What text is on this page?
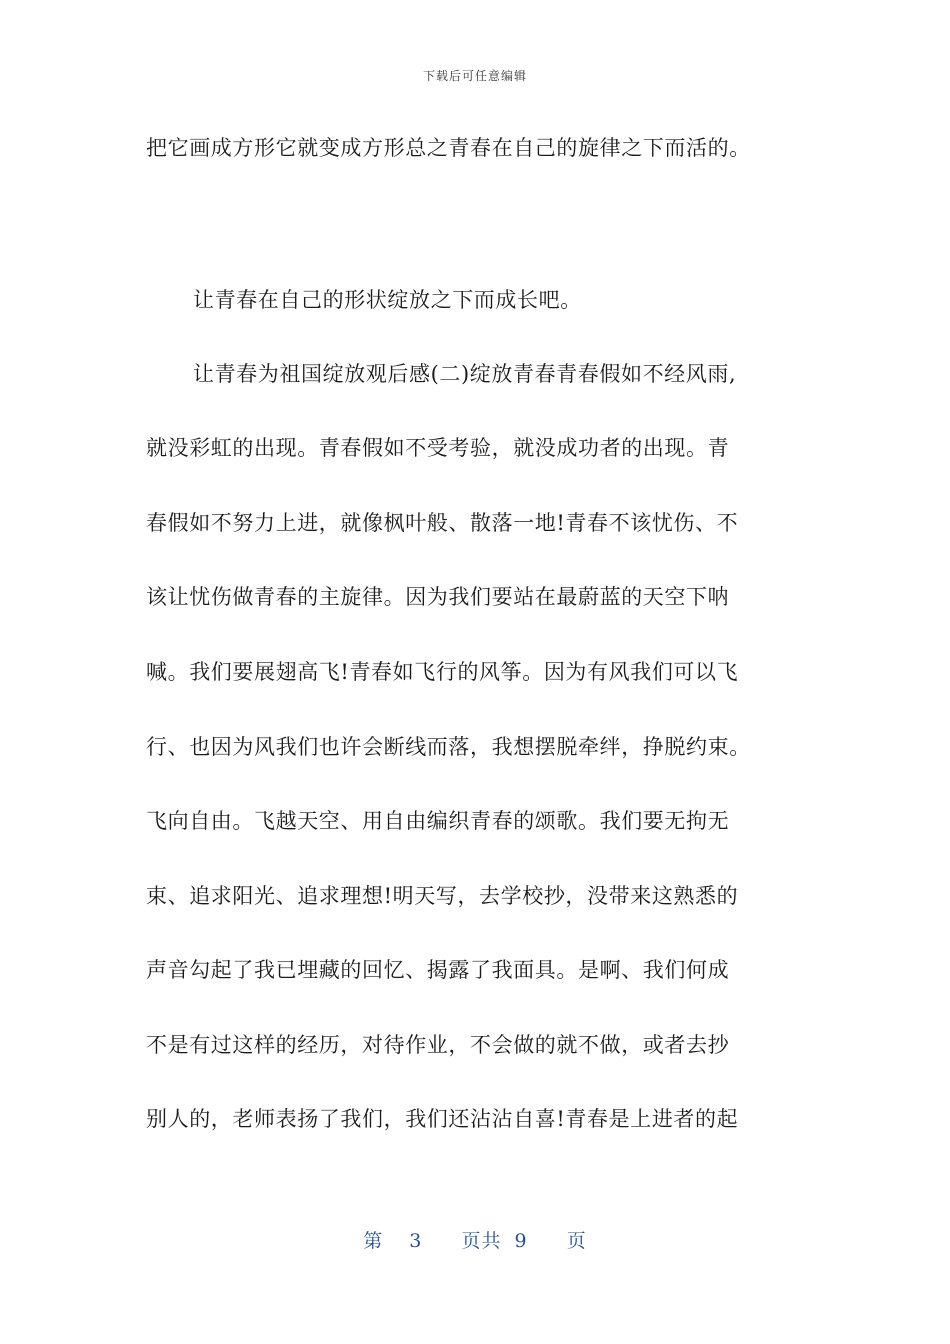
下载后可任意编辑
把它画成方形它就变成方形总之青春在自己的旋律之下而活的。
让青春在自己的形状绽放之下而成长吧。
让青春为祖国绽放观后感(二)绽放青春青春假如不经风雨,
就没彩虹的出现。青春假如不受考验，就没成功者的出现。青
春假如不努力上进，就像枫叶般、散落一地!青春不该忧伤、不
该让忧伤做青春的主旋律。因为我们要站在最蔚蓝的天空下呐
喊。我们要展翅高飞!青春如飞行的风筝。因为有风我们可以飞
行、也因为风我们也许会断线而落，我想摆脱牵绊，挣脱约束。
飞向自由。飞越天空、用自由编织青春的颂歌。我们要无拘无
束、追求阳光、追求理想!明天写，去学校抄，没带来这熟悉的
声音勾起了我已埋藏的回忆、揭露了我面具。是啊、我们何成
不是有过这样的经历，对待作业，不会做的就不做，或者去抄
别人的，老师表扬了我们，我们还沾沾自喜!青春是上进者的起
第  3   页共 9   页
